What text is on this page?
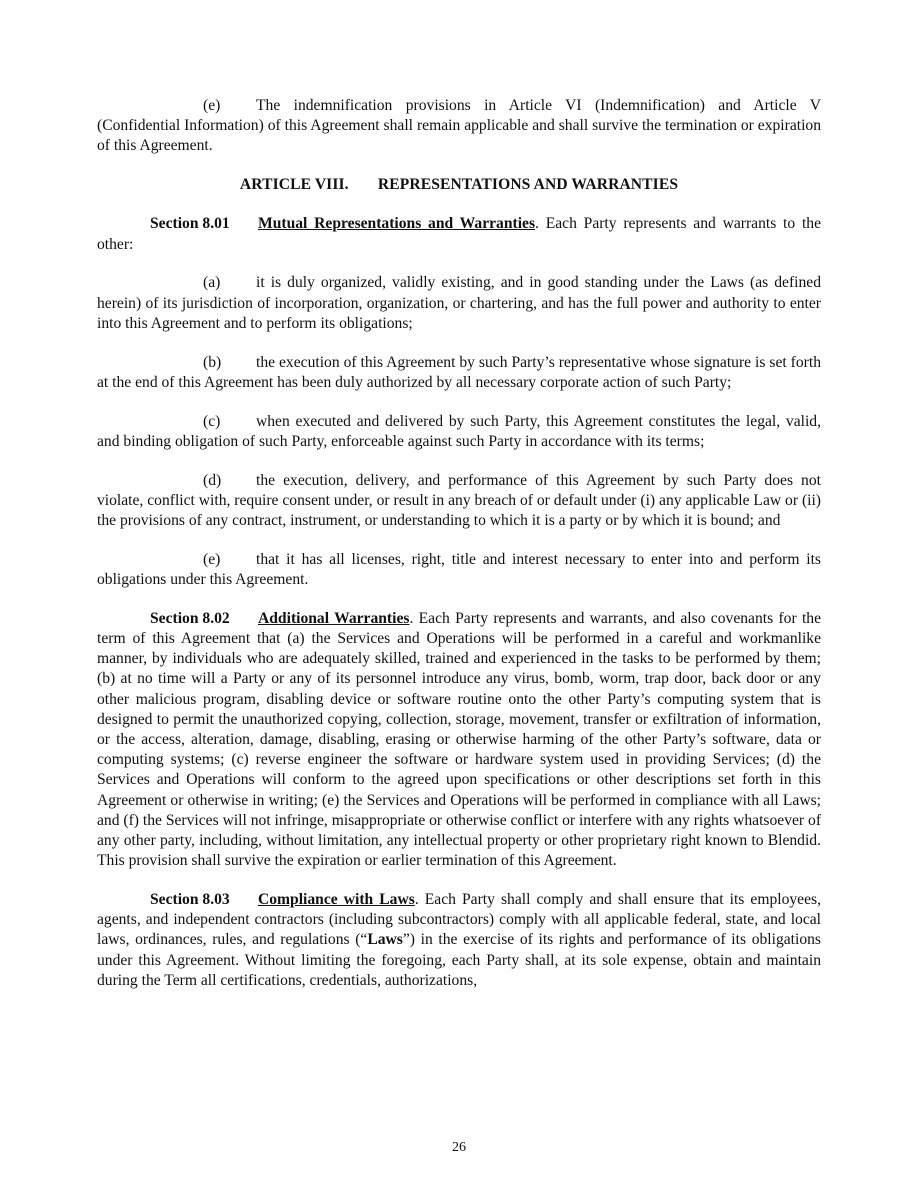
(e) The indemnification provisions in Article VI (Indemnification) and Article V (Confidential Information) of this Agreement shall remain applicable and shall survive the termination or expiration of this Agreement.

ARTICLE VIII. REPRESENTATIONS AND WARRANTIES

Section 8.01 Mutual Representations and Warranties. Each Party represents and warrants to the other:

(a) it is duly organized, validly existing, and in good standing under the Laws (as defined herein) of its jurisdiction of incorporation, organization, or chartering, and has the full power and authority to enter into this Agreement and to perform its obligations;

(b) the execution of this Agreement by such Party’s representative whose signature is set forth at the end of this Agreement has been duly authorized by all necessary corporate action of such Party;

(c) when executed and delivered by such Party, this Agreement constitutes the legal, valid, and binding obligation of such Party, enforceable against such Party in accordance with its terms;

(d) the execution, delivery, and performance of this Agreement by such Party does not violate, conflict with, require consent under, or result in any breach of or default under (i) any applicable Law or (ii) the provisions of any contract, instrument, or understanding to which it is a party or by which it is bound; and

(e) that it has all licenses, right, title and interest necessary to enter into and perform its obligations under this Agreement.

Section 8.02 Additional Warranties. Each Party represents and warrants, and also covenants for the term of this Agreement that (a) the Services and Operations will be performed in a careful and workmanlike manner, by individuals who are adequately skilled, trained and experienced in the tasks to be performed by them; (b) at no time will a Party or any of its personnel introduce any virus, bomb, worm, trap door, back door or any other malicious program, disabling device or software routine onto the other Party’s computing system that is designed to permit the unauthorized copying, collection, storage, movement, transfer or exfiltration of information, or the access, alteration, damage, disabling, erasing or otherwise harming of the other Party’s software, data or computing systems; (c) reverse engineer the software or hardware system used in providing Services; (d) the Services and Operations will conform to the agreed upon specifications or other descriptions set forth in this Agreement or otherwise in writing; (e) the Services and Operations will be performed in compliance with all Laws; and (f) the Services will not infringe, misappropriate or otherwise conflict or interfere with any rights whatsoever of any other party, including, without limitation, any intellectual property or other proprietary right known to Blendid. This provision shall survive the expiration or earlier termination of this Agreement.

Section 8.03 Compliance with Laws. Each Party shall comply and shall ensure that its employees, agents, and independent contractors (including subcontractors) comply with all applicable federal, state, and local laws, ordinances, rules, and regulations (“Laws”) in the exercise of its rights and performance of its obligations under this Agreement. Without limiting the foregoing, each Party shall, at its sole expense, obtain and maintain during the Term all certifications, credentials, authorizations,

26
